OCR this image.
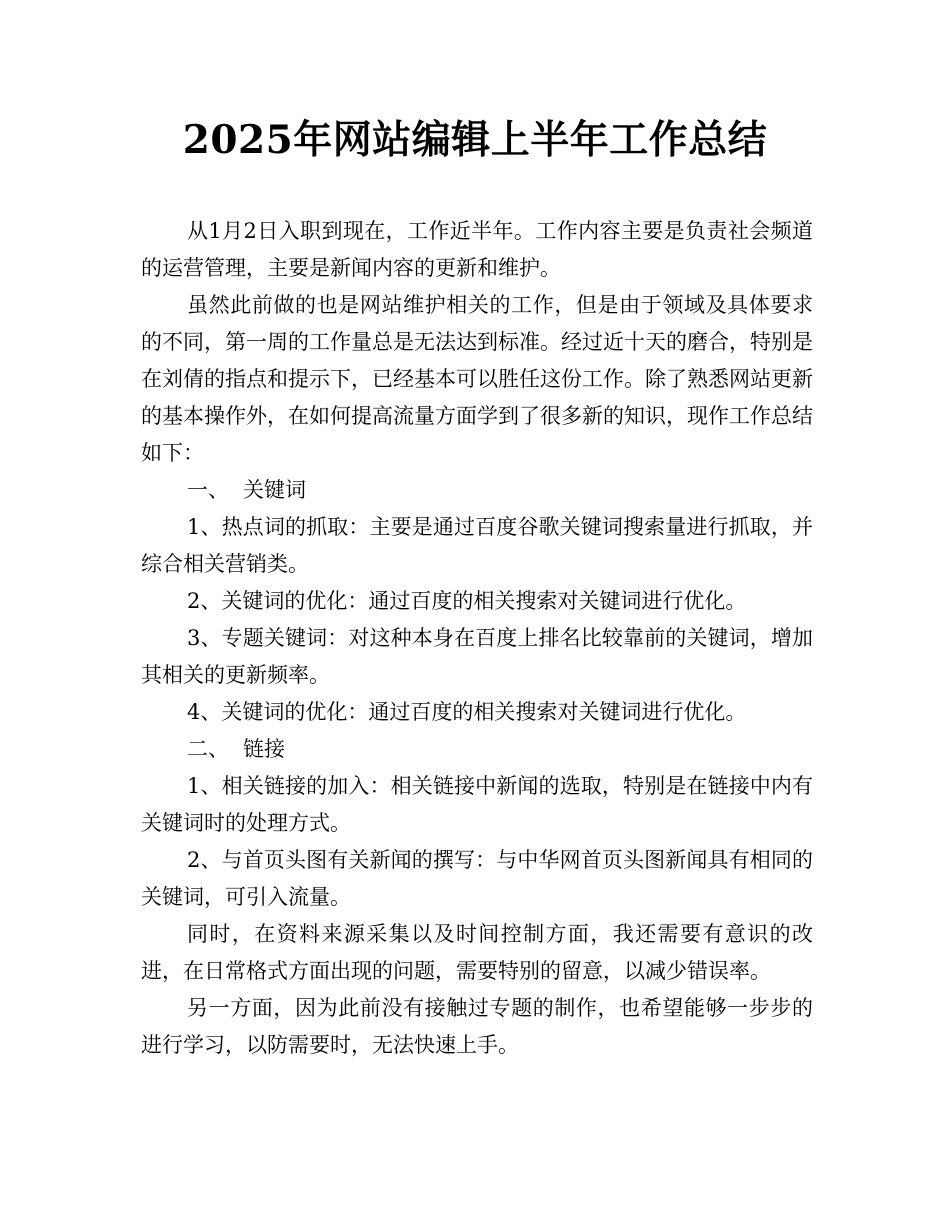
2025年网站编辑上半年工作总结

从1月2日入职到现在，工作近半年。工作内容主要是负责社会频道的运营管理，主要是新闻内容的更新和维护。

虽然此前做的也是网站维护相关的工作，但是由于领域及具体要求的不同，第一周的工作量总是无法达到标准。经过近十天的磨合，特别是在刘倩的指点和提示下，已经基本可以胜任这份工作。除了熟悉网站更新的基本操作外，在如何提高流量方面学到了很多新的知识，现作工作总结如下：

一、 关键词

1、热点词的抓取：主要是通过百度谷歌关键词搜索量进行抓取，并综合相关营销类。

2、关键词的优化：通过百度的相关搜索对关键词进行优化。

3、专题关键词：对这种本身在百度上排名比较靠前的关键词，增加其相关的更新频率。

4、关键词的优化：通过百度的相关搜索对关键词进行优化。

二、 链接

1、相关链接的加入：相关链接中新闻的选取，特别是在链接中内有关键词时的处理方式。

2、与首页头图有关新闻的撰写：与中华网首页头图新闻具有相同的关键词，可引入流量。

同时，在资料来源采集以及时间控制方面，我还需要有意识的改进，在日常格式方面出现的问题，需要特别的留意，以减少错误率。

另一方面，因为此前没有接触过专题的制作，也希望能够一步步的进行学习，以防需要时，无法快速上手。
